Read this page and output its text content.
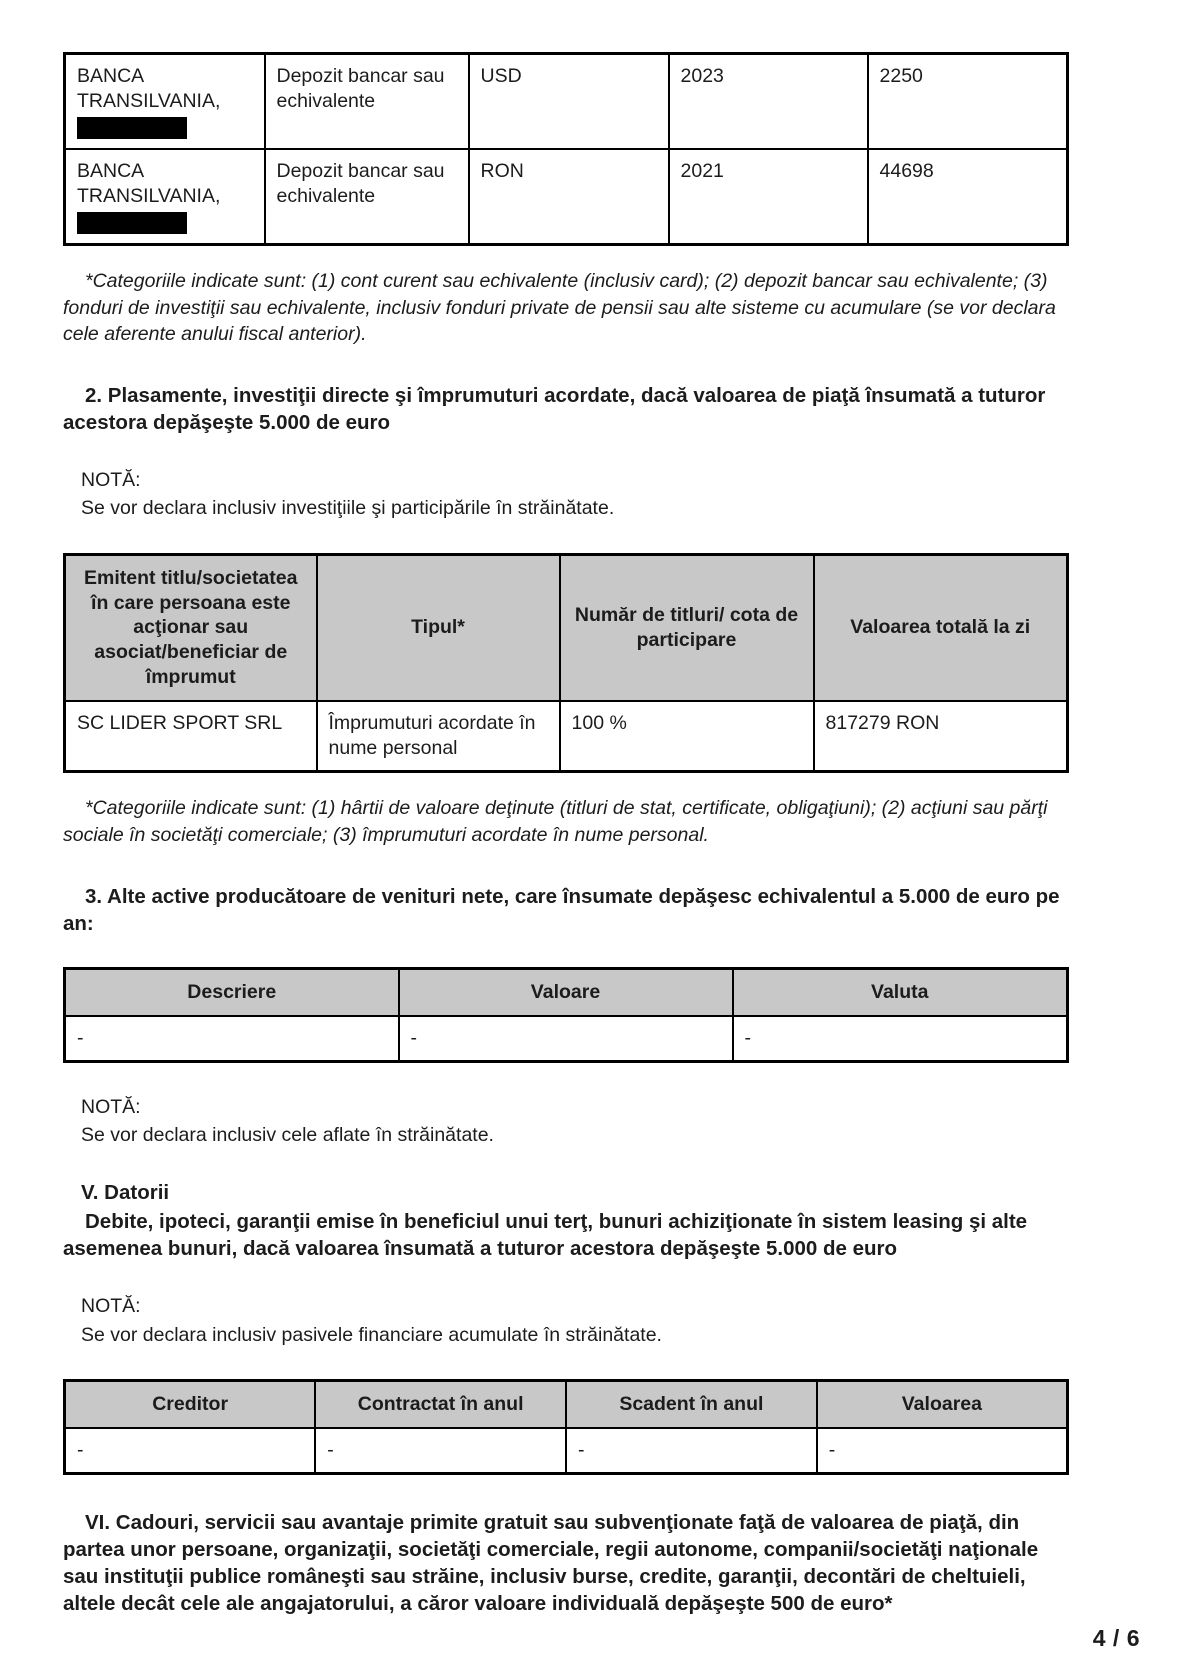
BANCA TRANSILVANIA,	Depozit bancar sau echivalente	USD	2023	2250

BANCA TRANSILVANIA,	Depozit bancar sau echivalente	RON	2021	44698

*Categoriile indicate sunt: (1) cont curent sau echivalente (inclusiv card); (2) depozit bancar sau echivalente; (3) fonduri de investiţii sau echivalente, inclusiv fonduri private de pensii sau alte sisteme cu acumulare (se vor declara cele aferente anului fiscal anterior).

2. Plasamente, investiţii directe şi împrumuturi acordate, dacă valoarea de piaţă însumată a tuturor acestora depăşeşte 5.000 de euro

NOTĂ:
Se vor declara inclusiv investiţiile şi participările în străinătate.
Emitent titlu/societatea în care persoana este acţionar sau asociat/beneficiar de împrumut	Tipul*	Număr de titluri/ cota de participare	Valoarea totală la zi
SC LIDER SPORT SRL	Împrumuturi acordate în nume personal	100 %	817279 RON

*Categoriile indicate sunt: (1) hârtii de valoare deţinute (titluri de stat, certificate, obligaţiuni); (2) acţiuni sau părţi sociale în societăţi comerciale; (3) împrumuturi acordate în nume personal.

3. Alte active producătoare de venituri nete, care însumate depăşesc echivalentul a 5.000 de euro pe an:

Descriere	Valoare	Valuta
-	-	-
NOTĂ:
Se vor declara inclusiv cele aflate în străinătate.

V. Datorii

Debite, ipoteci, garanţii emise în beneficiul unui terţ, bunuri achiziţionate în sistem leasing şi alte asemenea bunuri, dacă valoarea însumată a tuturor acestora depăşeşte 5.000 de euro

NOTĂ:
Se vor declara inclusiv pasivele financiare acumulate în străinătate.
Creditor	Contractat în anul	Scadent în anul	Valoarea
-	-	-	-

VI. Cadouri, servicii sau avantaje primite gratuit sau subvenţionate faţă de valoarea de piaţă, din partea unor persoane, organizaţii, societăţi comerciale, regii autonome, companii/societăţi naţionale sau instituţii publice româneşti sau străine, inclusiv burse, credite, garanţii, decontări de cheltuieli, altele decât cele ale angajatorului, a căror valoare individuală depăşeşte 500 de euro*

4 / 6
